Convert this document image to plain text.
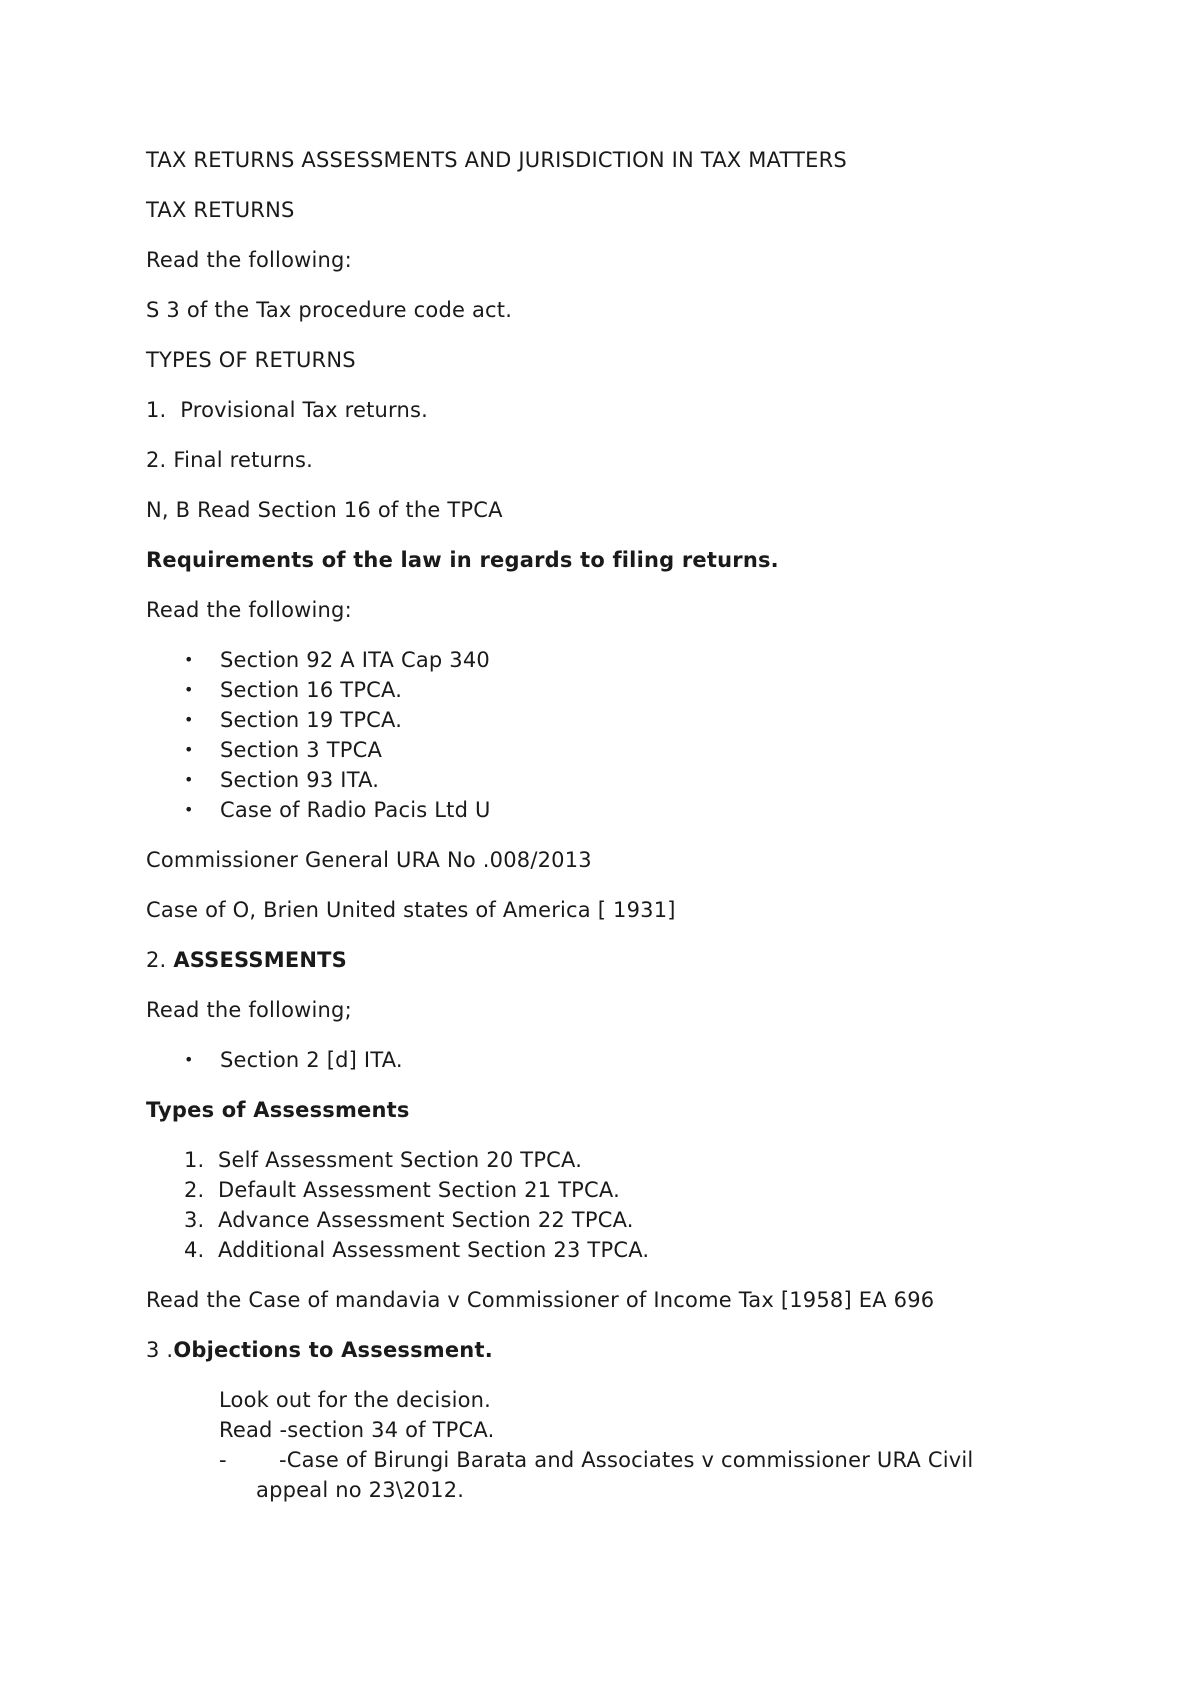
TAX RETURNS ASSESSMENTS AND JURISDICTION IN TAX MATTERS
TAX RETURNS
Read the following:
S 3 of the Tax procedure code act.
TYPES OF RETURNS
1. Provisional Tax returns.
2. Final returns.
N, B Read Section 16 of the TPCA
Requirements of the law in regards to filing returns.
Read the following:
• Section 92 A ITA Cap 340
• Section 16 TPCA.
• Section 19 TPCA.
• Section 3 TPCA
• Section 93 ITA.
• Case of Radio Pacis Ltd U
Commissioner General URA No .008/2013
Case of O, Brien United states of America [ 1931]
2. ASSESSMENTS
Read the following;
• Section 2 [d] ITA.
Types of Assessments
1. Self Assessment Section 20 TPCA.
2. Default Assessment Section 21 TPCA.
3. Advance Assessment Section 22 TPCA.
4. Additional Assessment Section 23 TPCA.
Read the Case of mandavia v Commissioner of Income Tax [1958] EA 696
3 .Objections to Assessment.
Look out for the decision.
Read -section 34 of TPCA.
- -Case of Birungi Barata and Associates v commissioner URA Civil
appeal no 23\2012.
